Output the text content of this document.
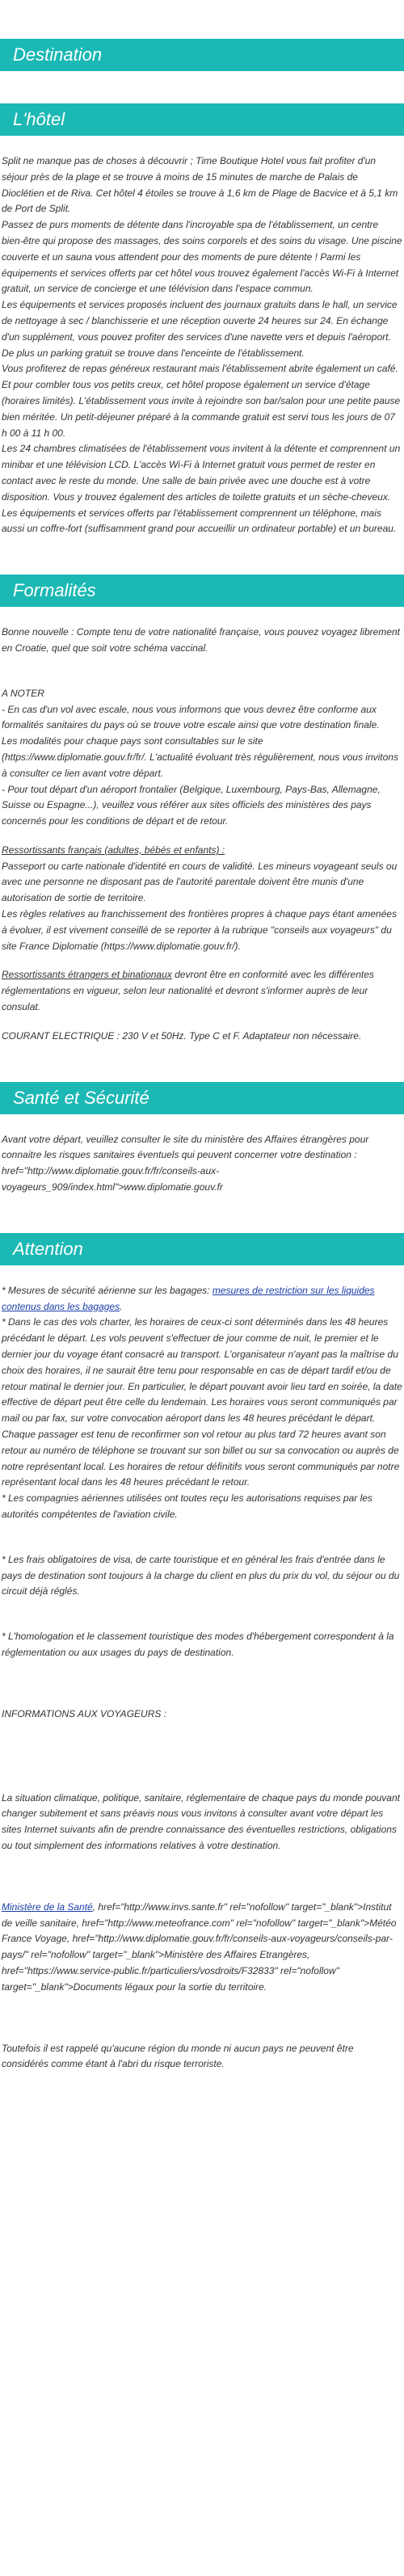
Destination
L'hôtel

Split ne manque pas de choses à découvrir ; Time Boutique Hotel vous fait profiter d'un séjour près de la plage et se trouve à moins de 15 minutes de marche de Palais de Dioclétien et de Riva. Cet hôtel 4 étoiles se trouve à 1,6 km de Plage de Bacvice et à 5,1 km de Port de Split.

Passez de purs moments de détente dans l'incroyable spa de l'établissement, un centre bien-être qui propose des massages, des soins corporels et des soins du visage. Une piscine couverte et un sauna vous attendent pour des moments de pure détente ! Parmi les équipements et services offerts par cet hôtel vous trouvez également l'accès Wi-Fi à Internet gratuit, un service de concierge et une télévision dans l'espace commun.

Les équipements et services proposés incluent des journaux gratuits dans le hall, un service de nettoyage à sec / blanchisserie et une réception ouverte 24 heures sur 24. En échange d'un supplément, vous pouvez profiter des services d'une navette vers et depuis l'aéroport. De plus un parking gratuit se trouve dans l'enceinte de l'établissement.

Vous profiterez de repas généreux restaurant mais l'établissement abrite également un café. Et pour combler tous vos petits creux, cet hôtel propose également un service d'étage (horaires limités). L'établissement vous invite à rejoindre son bar/salon pour une petite pause bien méritée. Un petit-déjeuner préparé à la commande gratuit est servi tous les jours de 07 h 00 à 11 h 00.

Les 24 chambres climatisées de l'établissement vous invitent à la détente et comprennent un minibar et une télévision LCD. L'accès Wi-Fi à Internet gratuit vous permet de rester en contact avec le reste du monde. Une salle de bain privée avec une douche est à votre disposition. Vous y trouvez également des articles de toilette gratuits et un sèche-cheveux. Les équipements et services offerts par l'établissement comprennent un téléphone, mais aussi un coffre-fort (suffisamment grand pour accueillir un ordinateur portable) et un bureau.

Formalités

Bonne nouvelle : Compte tenu de votre nationalité française, vous pouvez voyagez librement en Croatie, quel que soit votre schéma vaccinal.

A NOTER

- En cas d'un vol avec escale, nous vous informons que vous devrez être conforme aux formalités sanitaires du pays où se trouve votre escale ainsi que votre destination finale.

Les modalités pour chaque pays sont consultables sur le site (https://www.diplomatie.gouv.fr/fr/. L'actualité évoluant très régulièrement, nous vous invitons à consulter ce lien avant votre départ.

- Pour tout départ d'un aéroport frontalier (Belgique, Luxembourg, Pays-Bas, Allemagne, Suisse ou Espagne...), veuillez vous référer aux sites officiels des ministères des pays concernés pour les conditions de départ et de retour.

Ressortissants français (adultes, bébés et enfants) :

Passeport ou carte nationale d'identité en cours de validité. Les mineurs voyageant seuls ou avec une personne ne disposant pas de l'autorité parentale doivent être munis d'une autorisation de sortie de territoire.

Les règles relatives au franchissement des frontières propres à chaque pays étant amenées à évoluer, il est vivement conseillé de se reporter à la rubrique "conseils aux voyageurs" du site France Diplomatie (https://www.diplomatie.gouv.fr/).

Ressortissants étrangers et binationaux devront être en conformité avec les différentes réglementations en vigueur, selon leur nationalité et devront s'informer auprès de leur consulat.

COURANT ELECTRIQUE : 230 V et 50Hz. Type C et F. Adaptateur non nécessaire.

Santé et Sécurité

Avant votre départ, veuillez consulter le site du ministère des Affaires étrangères pour connaitre les risques sanitaires éventuels qui peuvent concerner votre destination : href="http://www.diplomatie.gouv.fr/fr/conseils-aux-voyageurs_909/index.html">www.diplomatie.gouv.fr

Attention

* Mesures de sécurité aérienne sur les bagages: mesures de restriction sur les liquides contenus dans les bagages.

* Dans le cas des vols charter, les horaires de ceux-ci sont déterminés dans les 48 heures précédant le départ. Les vols peuvent s'effectuer de jour comme de nuit, le premier et le dernier jour du voyage étant consacré au transport. L'organisateur n'ayant pas la maîtrise du choix des horaires, il ne saurait être tenu pour responsable en cas de départ tardif et/ou de retour matinal le dernier jour. En particulier, le départ pouvant avoir lieu tard en soirée, la date effective de départ peut être celle du lendemain. Les horaires vous seront communiqués par mail ou par fax, sur votre convocation aéroport dans les 48 heures précédant le départ. Chaque passager est tenu de reconfirmer son vol retour au plus tard 72 heures avant son retour au numéro de téléphone se trouvant sur son billet ou sur sa convocation ou auprès de notre représentant local. Les horaires de retour définitifs vous seront communiqués par notre représentant local dans les 48 heures précédant le retour.

* Les compagnies aériennes utilisées ont toutes reçu les autorisations requises par les autorités compétentes de l'aviation civile.

* Les frais obligatoires de visa, de carte touristique et en général les frais d'entrée dans le pays de destination sont toujours à la charge du client en plus du prix du vol, du séjour ou du circuit déjà réglés.

* L'homologation et le classement touristique des modes d'hébergement correspondent à la réglementation ou aux usages du pays de destination.

INFORMATIONS AUX VOYAGEURS :

La situation climatique, politique, sanitaire, réglementaire de chaque pays du monde pouvant changer subitement et sans préavis nous vous invitons à consulter avant votre départ les sites Internet suivants afin de prendre connaissance des éventuelles restrictions, obligations ou tout simplement des informations relatives à votre destination.

Ministère de la Santé, href="http://www.invs.sante.fr" rel="nofollow" target="_blank">Institut de veille sanitaire, href="http://www.meteofrance.com" rel="nofollow" target="_blank">Météo France Voyage, href="http://www.diplomatie.gouv.fr/fr/conseils-aux-voyageurs/conseils-par-pays/" rel="nofollow" target="_blank">Ministère des Affaires Etrangères, href="https://www.service-public.fr/particuliers/vosdroits/F32833" rel="nofollow" target="_blank">Documents légaux pour la sortie du territoire.

Toutefois il est rappelé qu'aucune région du monde ni aucun pays ne peuvent être considérés comme étant à l'abri du risque terroriste.
